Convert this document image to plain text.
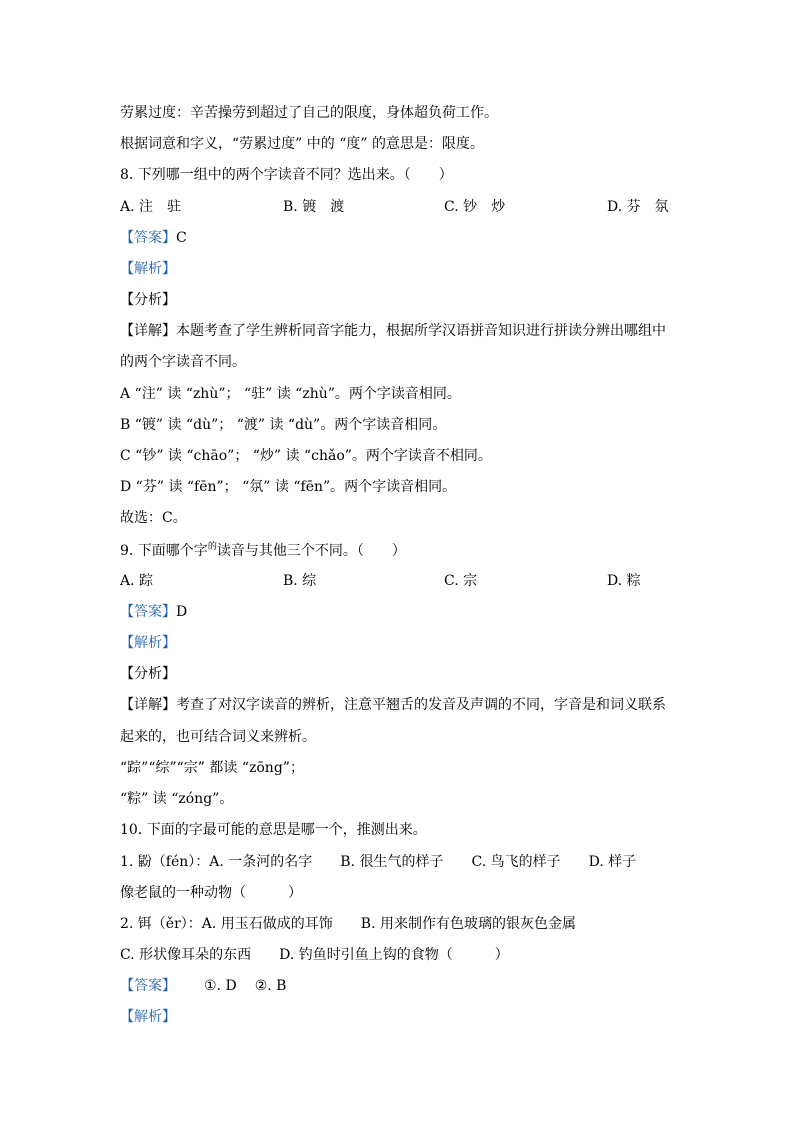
劳累过度：辛苦操劳到超过了自己的限度，身体超负荷工作。
根据词意和字义，“劳累过度” 中的 “度” 的意思是：限度。
8. 下列哪一组中的两个字读音不同？选出来。（　　）
A. 注　驻	B. 镀　渡	C. 钞　炒	D. 芬　氛
【答案】C
【解析】
【分析】
【详解】本题考查了学生辨析同音字能力，根据所学汉语拼音知识进行拼读分辨出哪组中
的两个字读音不同。
A “注” 读 “zhù”； “驻” 读 “zhù”。两个字读音相同。
B “镀” 读 “dù”； “渡” 读 “dù”。两个字读音相同。
C “钞” 读 “chāo”； “炒” 读 “chǎo”。两个字读音不相同。
D “芬” 读 “fēn”； “氛” 读 “fēn”。两个字读音相同。
故选：C。
9. 下面哪个字$^的$读音与其他三个不同。（　　）
A. 踪	B. 综	C. 宗	D. 粽
【答案】D
【解析】
【分析】
【详解】考查了对汉字读音的辨析，注意平翘舌的发音及声调的不同，字音是和词义联系
起来的，也可结合词义来辨析。
“踪”“综”“宗” 都读 “zōng”；
“粽” 读 “zóng”。
10. 下面的字最可能的意思是哪一个，推测出来。
1. 鼢（fén）：A. 一条河的名字　　B. 很生气的样子　　C. 鸟飞的样子　　D. 样子
像老鼠的一种动物（　　　）
2. 铒（ěr）：A. 用玉石做成的耳饰　　B. 用来制作有色玻璃的银灰色金属
C. 形状像耳朵的东西　　D. 钓鱼时引鱼上钩的食物（　　　）
【答案】 ①. D ②. B
【解析】
